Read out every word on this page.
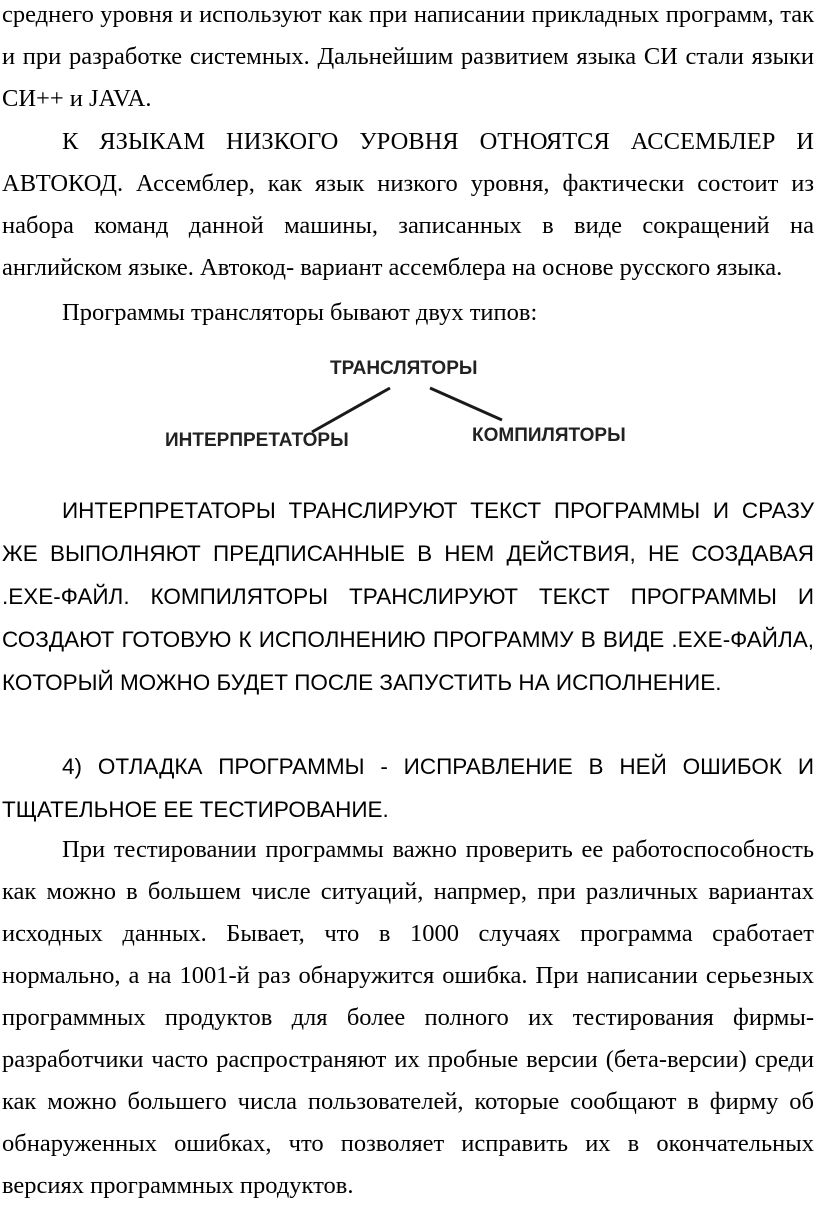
среднего уровня и используют как при написании прикладных программ, так и при разработке системных. Дальнейшим развитием языка СИ стали языки СИ++ и JAVA.

К ЯЗЫКАМ НИЗКОГО УРОВНЯ ОТНОЯТСЯ АССЕМБЛЕР И АВТОКОД. Ассемблер, как язык низкого уровня, фактически состоит из набора команд данной машины, записанных в виде сокращений на английском языке. Автокод- вариант ассемблера на основе русского языка.

Программы трансляторы бывают двух типов:

ТРАНСЛЯТОРЫ
ИНТЕРПРЕТАТОРЫ	КОМПИЛЯТОРЫ

ИНТЕРПРЕТАТОРЫ ТРАНСЛИРУЮТ ТЕКСТ ПРОГРАММЫ И СРАЗУ ЖЕ ВЫПОЛНЯЮТ ПРЕДПИСАННЫЕ В НЕМ ДЕЙСТВИЯ, НЕ СОЗДАВАЯ .EXE-ФАЙЛ. КОМПИЛЯТОРЫ ТРАНСЛИРУЮТ ТЕКСТ ПРОГРАММЫ И СОЗДАЮТ ГОТОВУЮ К ИСПОЛНЕНИЮ ПРОГРАММУ В ВИДЕ .EXE-ФАЙЛА, КОТОРЫЙ МОЖНО БУДЕТ ПОСЛЕ ЗАПУСТИТЬ НА ИСПОЛНЕНИЕ.

4) ОТЛАДКА ПРОГРАММЫ - ИСПРАВЛЕНИЕ В НЕЙ ОШИБОК И ТЩАТЕЛЬНОЕ ЕЕ ТЕСТИРОВАНИЕ.

При тестировании программы важно проверить ее работоспособность как можно в большем числе ситуаций, напрмер, при различных вариантах исходных данных. Бывает, что в 1000 случаях программа сработает нормально, а на 1001-й раз обнаружится ошибка. При написании серьезных программных продуктов для более полного их тестирования фирмы-разработчики часто распространяют их пробные версии (бета-версии) среди как можно большего числа пользователей, которые сообщают в фирму об обнаруженных ошибках, что позволяет исправить их в окончательных версиях программных продуктов.
